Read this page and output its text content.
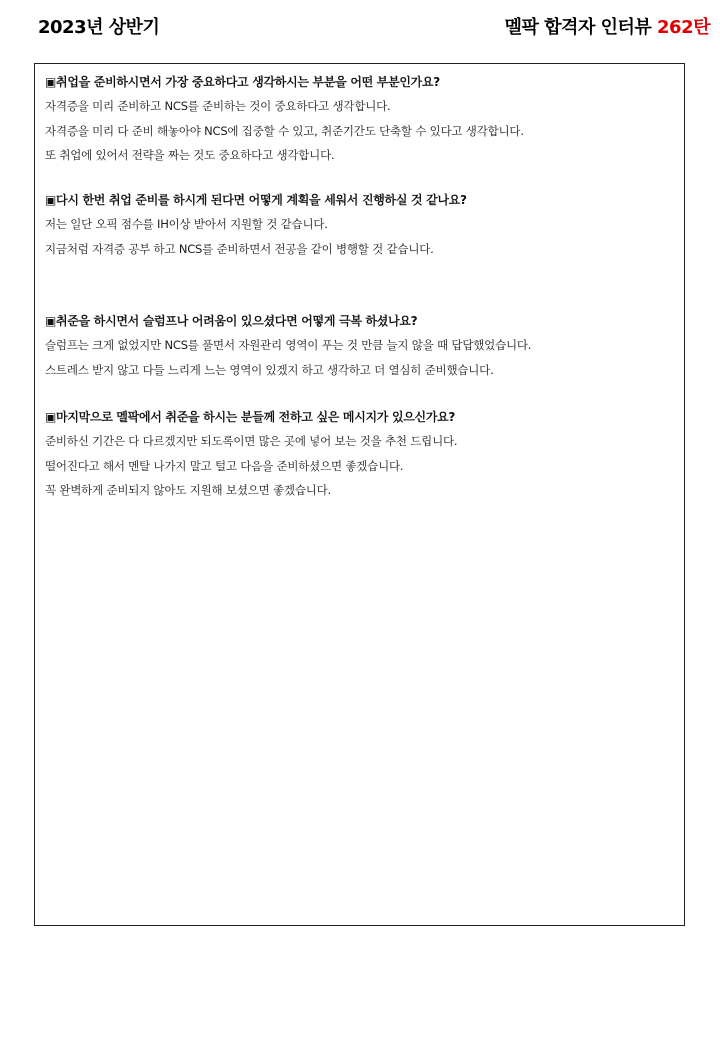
2023년 상반기	멜팍 합격자 인터뷰 262탄
▣취업을 준비하시면서 가장 중요하다고 생각하시는 부분을 어떤 부분인가요?
자격증을 미리 준비하고 NCS를 준비하는 것이 중요하다고 생각합니다.
자격증을 미리 다 준비 해놓아야 NCS에 집중할 수 있고, 취준기간도 단축할 수 있다고 생각합니다.
또 취업에 있어서 전략을 짜는 것도 중요하다고 생각합니다.
▣다시 한번 취업 준비를 하시게 된다면 어떻게 계획을 세워서 진행하실 것 같나요?
저는 일단 오픽 점수를 IH이상 받아서 지원할 것 같습니다.
지금처럼 자격증 공부 하고 NCS를 준비하면서 전공을 같이 병행할 것 같습니다.
▣취준을 하시면서 슬럼프나 어려움이 있으셨다면 어떻게 극복 하셨나요?
슬럼프는 크게 없었지만 NCS를 풀면서 자원관리 영역이 푸는 것 만큼 늘지 않을 때 답답했었습니다.
스트레스 받지 않고 다들 느리게 느는 영역이 있겠지 하고 생각하고 더 열심히 준비했습니다.
▣마지막으로 멜팍에서 취준을 하시는 분들께 전하고 싶은 메시지가 있으신가요?
준비하신 기간은 다 다르겠지만 되도록이면 많은 곳에 넣어 보는 것을 추천 드립니다.
떨어진다고 해서 멘탈 나가지 말고 털고 다음을 준비하셨으면 좋겠습니다.
꼭 완벽하게 준비되지 않아도 지원해 보셨으면 좋겠습니다.
